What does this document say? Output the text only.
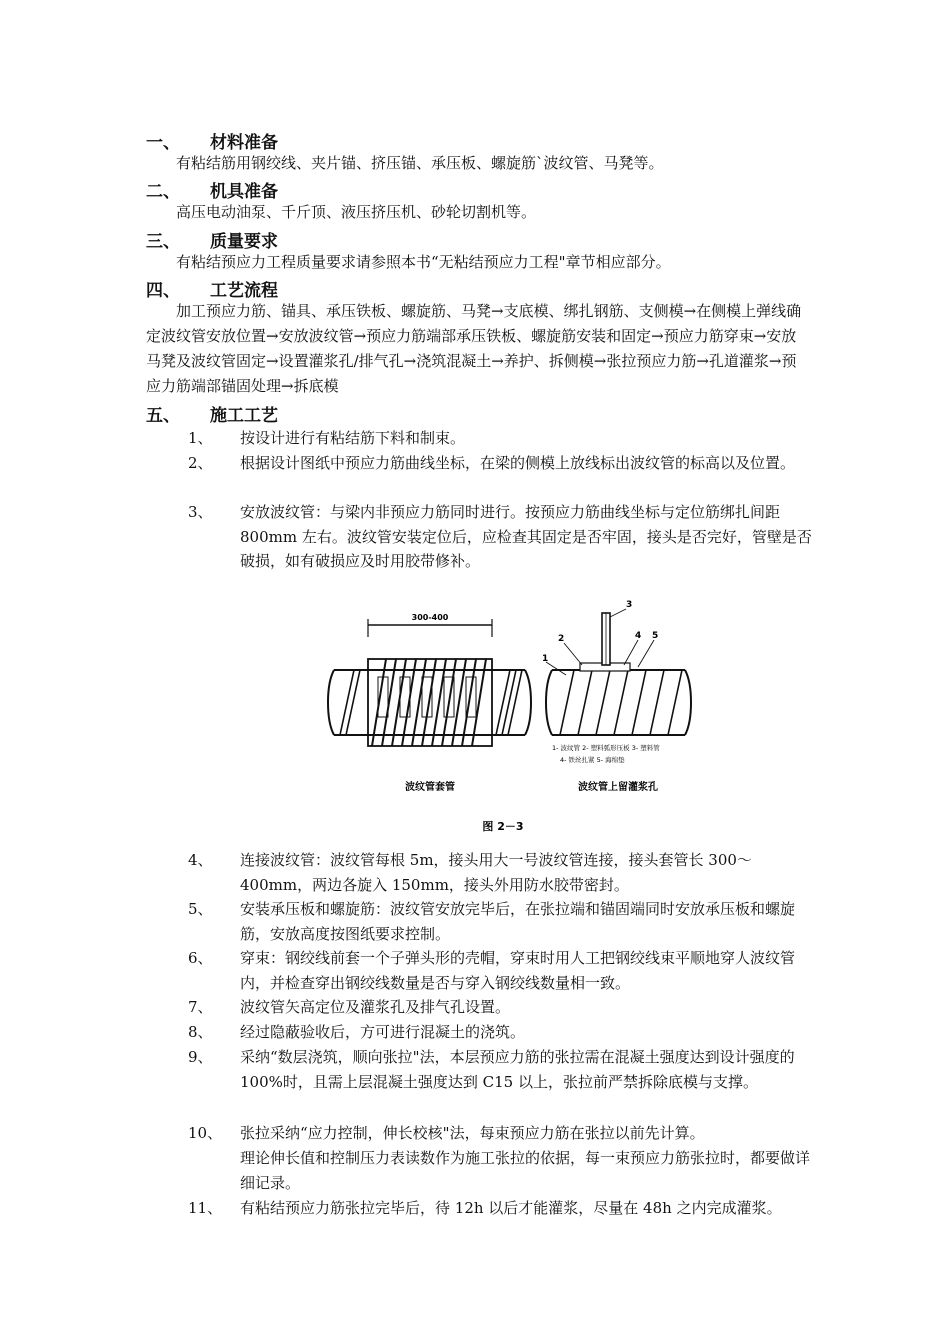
一、 材料准备
有粘结筋用钢绞线、夹片锚、挤压锚、承压板、螺旋筋`波纹管、马凳等。
二、 机具准备
高压电动油泵、千斤顶、液压挤压机、砂轮切割机等。
三、 质量要求
有粘结预应力工程质量要求请参照本书“无粘结预应力工程"章节相应部分。
四、 工艺流程
加工预应力筋、锚具、承压铁板、螺旋筋、马凳→支底模、绑扎钢筋、支侧模→在侧模上弹线确定波纹管安放位置→安放波纹管→预应力筋端部承压铁板、螺旋筋安装和固定→预应力筋穿束→安放马凳及波纹管固定→设置灌浆孔/排气孔→浇筑混凝土→养护、拆侧模→张拉预应力筋→孔道灌浆→预应力筋端部锚固处理→拆底模
五、 施工工艺
1、	按设计进行有粘结筋下料和制束。
2、	根据设计图纸中预应力筋曲线坐标，在梁的侧模上放线标出波纹管的标高以及位置。
3、	安放波纹管：与梁内非预应力筋同时进行。按预应力筋曲线坐标与定位筋绑扎间距 800mm 左右。波纹管安装定位后，应检查其固定是否牢固，接头是否完好，管壁是否破损，如有破损应及时用胶带修补。
300-400
波纹管套管
1
2
3
4 5
1- 波纹管 2- 塑料弧形压板 3- 塑料管
4- 铁丝扎紧 5- 海绵垫
波纹管上留灌浆孔
图 2－3
4、	连接波纹管：波纹管每根 5m，接头用大一号波纹管连接，接头套管长 300～400mm，两边各旋入 150mm，接头外用防水胶带密封。
5、	安装承压板和螺旋筋：波纹管安放完毕后，在张拉端和锚固端同时安放承压板和螺旋筋，安放高度按图纸要求控制。
6、	穿束：钢绞线前套一个子弹头形的壳帽，穿束时用人工把钢绞线束平顺地穿人波纹管内，并检查穿出钢绞线数量是否与穿入钢绞线数量相一致。
7、	波纹管矢高定位及灌浆孔及排气孔设置。
8、	经过隐蔽验收后，方可进行混凝土的浇筑。
9、	采纳“数层浇筑，顺向张拉"法，本层预应力筋的张拉需在混凝土强度达到设计强度的 100%时，且需上层混凝土强度达到 C15 以上，张拉前严禁拆除底模与支撑。
10、	张拉采纳“应力控制，伸长校核"法，每束预应力筋在张拉以前先计算。
理论伸长值和控制压力表读数作为施工张拉的依据，每一束预应力筋张拉时，都要做详细记录。
11、	有粘结预应力筋张拉完毕后，待 12h 以后才能灌浆，尽量在 48h 之内完成灌浆。
